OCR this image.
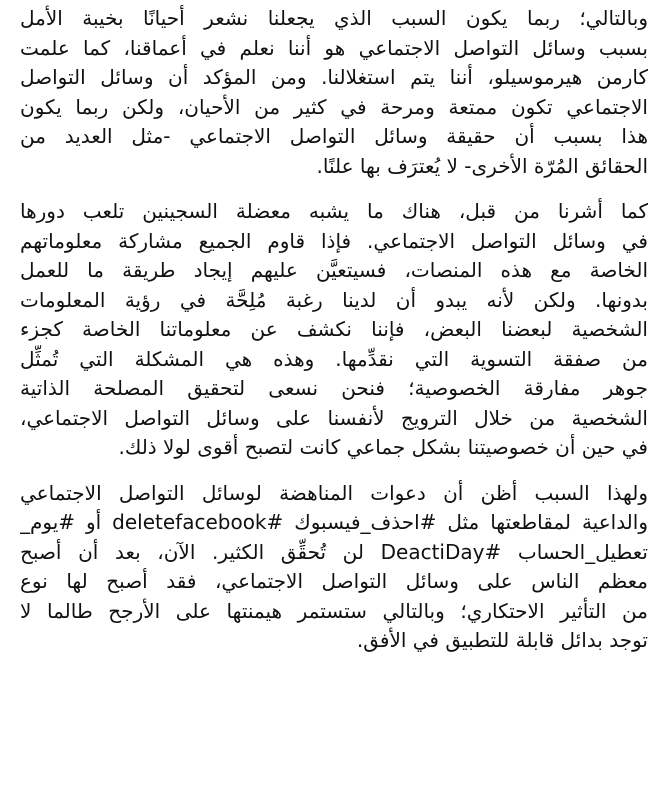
وبالتالي؛ ربما يكون السبب الذي يجعلنا نشعر أحيانًا بخيبة الأمل
بسبب وسائل التواصل الاجتماعي هو أننا نعلم في أعماقنا، كما علمت
كارمن هيرموسيلو، أننا يتم استغلالنا. ومن المؤكد أن وسائل التواصل
الاجتماعي تكون ممتعة ومرحة في كثير من الأحيان، ولكن ربما يكون
هذا بسبب أن حقيقة وسائل التواصل الاجتماعي -مثل العديد من
الحقائق المُرّة الأخرى- لا يُعترَف بها علنًا.
كما أشرنا من قبل، هناك ما يشبه معضلة السجينين تلعب دورها
في وسائل التواصل الاجتماعي. فإذا قاوم الجميع مشاركة معلوماتهم
الخاصة مع هذه المنصات، فسيتعيَّن عليهم إيجاد طريقة ما للعمل
بدونها. ولكن لأنه يبدو أن لدينا رغبة مُلِحَّة في رؤية المعلومات
الشخصية لبعضنا البعض، فإننا نكشف عن معلوماتنا الخاصة كجزء
من صفقة التسوية التي نقدِّمها. وهذه هي المشكلة التي تُمثِّل
جوهر مفارقة الخصوصية؛ فنحن نسعى لتحقيق المصلحة الذاتية
الشخصية من خلال الترويج لأنفسنا على وسائل التواصل الاجتماعي،
في حين أن خصوصيتنا بشكل جماعي كانت لتصبح أقوى لولا ذلك.
ولهذا السبب أظن أن دعوات المناهضة لوسائل التواصل الاجتماعي
والداعية لمقاطعتها مثل #احذف_فيسبوك #deletefacebook أو #يوم_
تعطيل_الحساب #DeactiDay لن تُحقِّق الكثير. الآن، بعد أن أصبح
معظم الناس على وسائل التواصل الاجتماعي، فقد أصبح لها نوع
من التأثير الاحتكاري؛ وبالتالي ستستمر هيمنتها على الأرجح طالما لا
توجد بدائل قابلة للتطبيق في الأفق.
